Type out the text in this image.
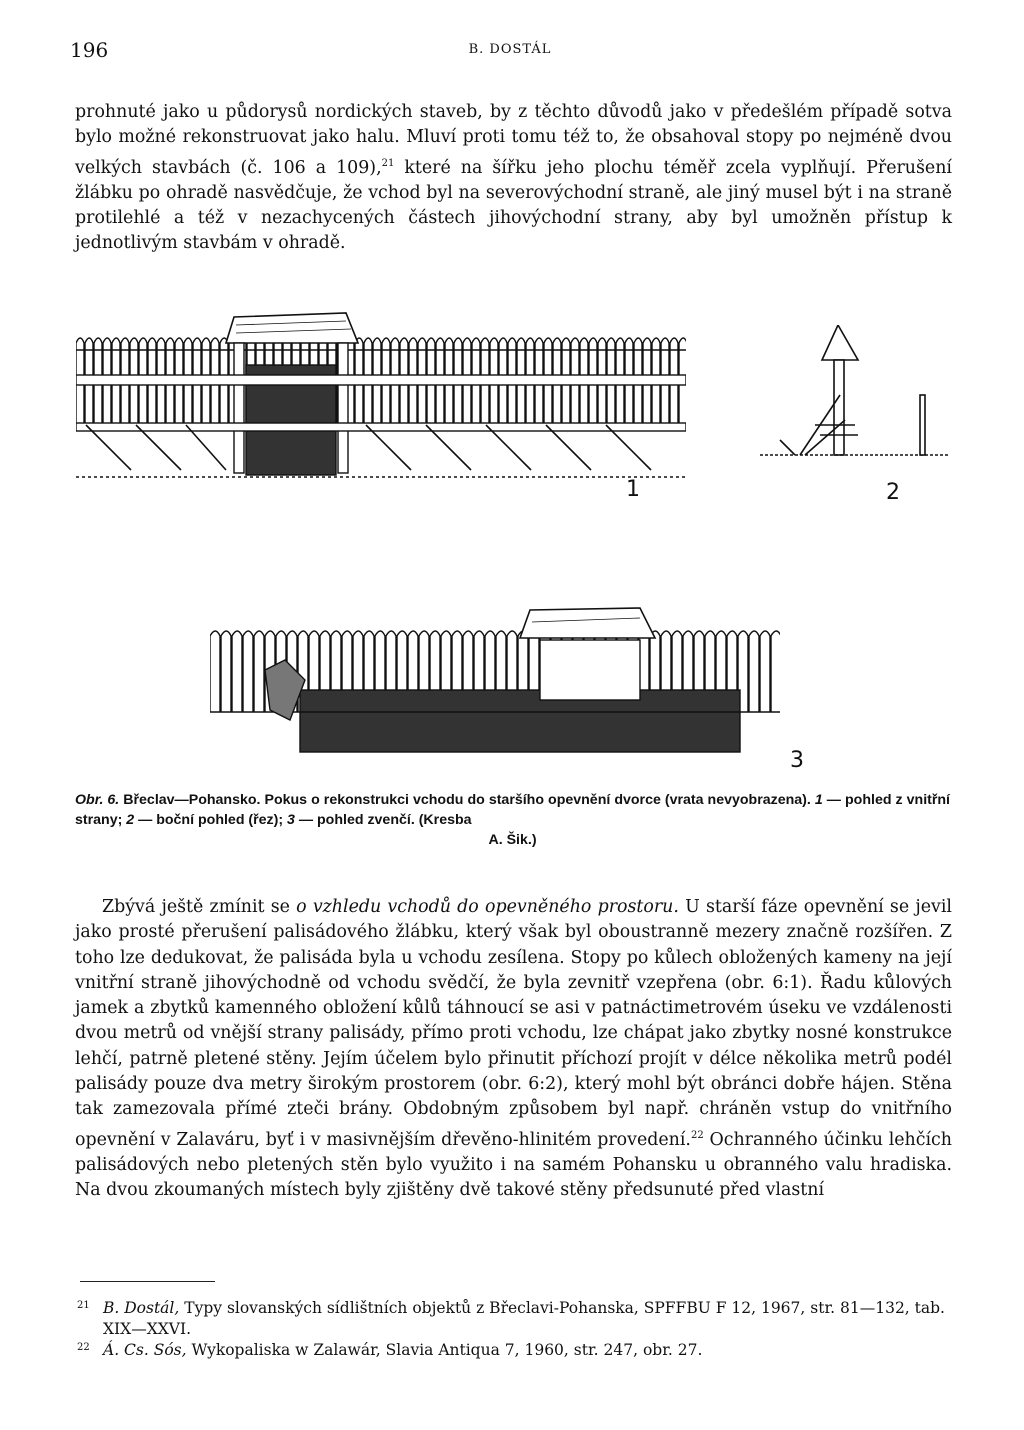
196	B. DOSTÁL

prohnuté jako u půdorysů nordických staveb, by z těchto důvodů jako v předešlém případě sotva bylo možné rekonstruovat jako halu. Mluví proti tomu též to, že obsahoval stopy po nejméně dvou velkých stavbách (č. 106 a 109),$^{21}$ které na šířku jeho plochu téměř zcela vyplňují. Přerušení žlábku po ohradě nasvědčuje, že vchod byl na severovýchodní straně, ale jiný musel být i na straně protilehlé a též v nezachycených částech jihovýchodní strany, aby byl umožněn přístup k jednotlivým stavbám v ohradě.

1	2
3

Obr. 6. Břeclav—Pohansko. Pokus o rekonstrukci vchodu do staršího opevnění dvorce (vrata nevyobrazena). 1 — pohled z vnitřní strany; 2 — boční pohled (řez); 3 — pohled zvenčí. (Kresba
A. Šik.)

Zbývá ještě zmínit se o vzhledu vchodů do opevněného prostoru. U starší fáze opevnění se jevil jako prosté přerušení palisádového žlábku, který však byl oboustranně mezery značně rozšířen. Z toho lze dedukovat, že palisáda byla u vchodu zesílena. Stopy po kůlech obložených kameny na její vnitřní straně jihovýchodně od vchodu svědčí, že byla zevnitř vzepřena (obr. 6:1). Řadu kůlových jamek a zbytků kamenného obložení kůlů táhnoucí se asi v patnáctimetrovém úseku ve vzdálenosti dvou metrů od vnější strany palisády, přímo proti vchodu, lze chápat jako zbytky nosné konstrukce lehčí, patrně pletené stěny. Jejím účelem bylo přinutit příchozí projít v délce několika metrů podél palisády pouze dva metry širokým prostorem (obr. 6:2), který mohl být obránci dobře hájen. Stěna tak zamezovala přímé zteči brány. Obdobným způsobem byl např. chráněn vstup do vnitřního opevnění v Zalaváru, byť i v masivnějším dřevěno-hlinitém provedení.$^{22}$ Ochranného účinku lehčích palisádových nebo pletených stěn bylo využito i na samém Pohansku u obranného valu hradiska. Na dvou zkoumaných místech byly zjištěny dvě takové stěny předsunuté před vlastní

21 B. Dostál, Typy slovanských sídlištních objektů z Břeclavi-Pohanska, SPFFBU F 12, 1967, str. 81—132, tab. XIX—XXVI.

22 Á. Cs. Sós, Wykopaliska w Zalawár, Slavia Antiqua 7, 1960, str. 247, obr. 27.
